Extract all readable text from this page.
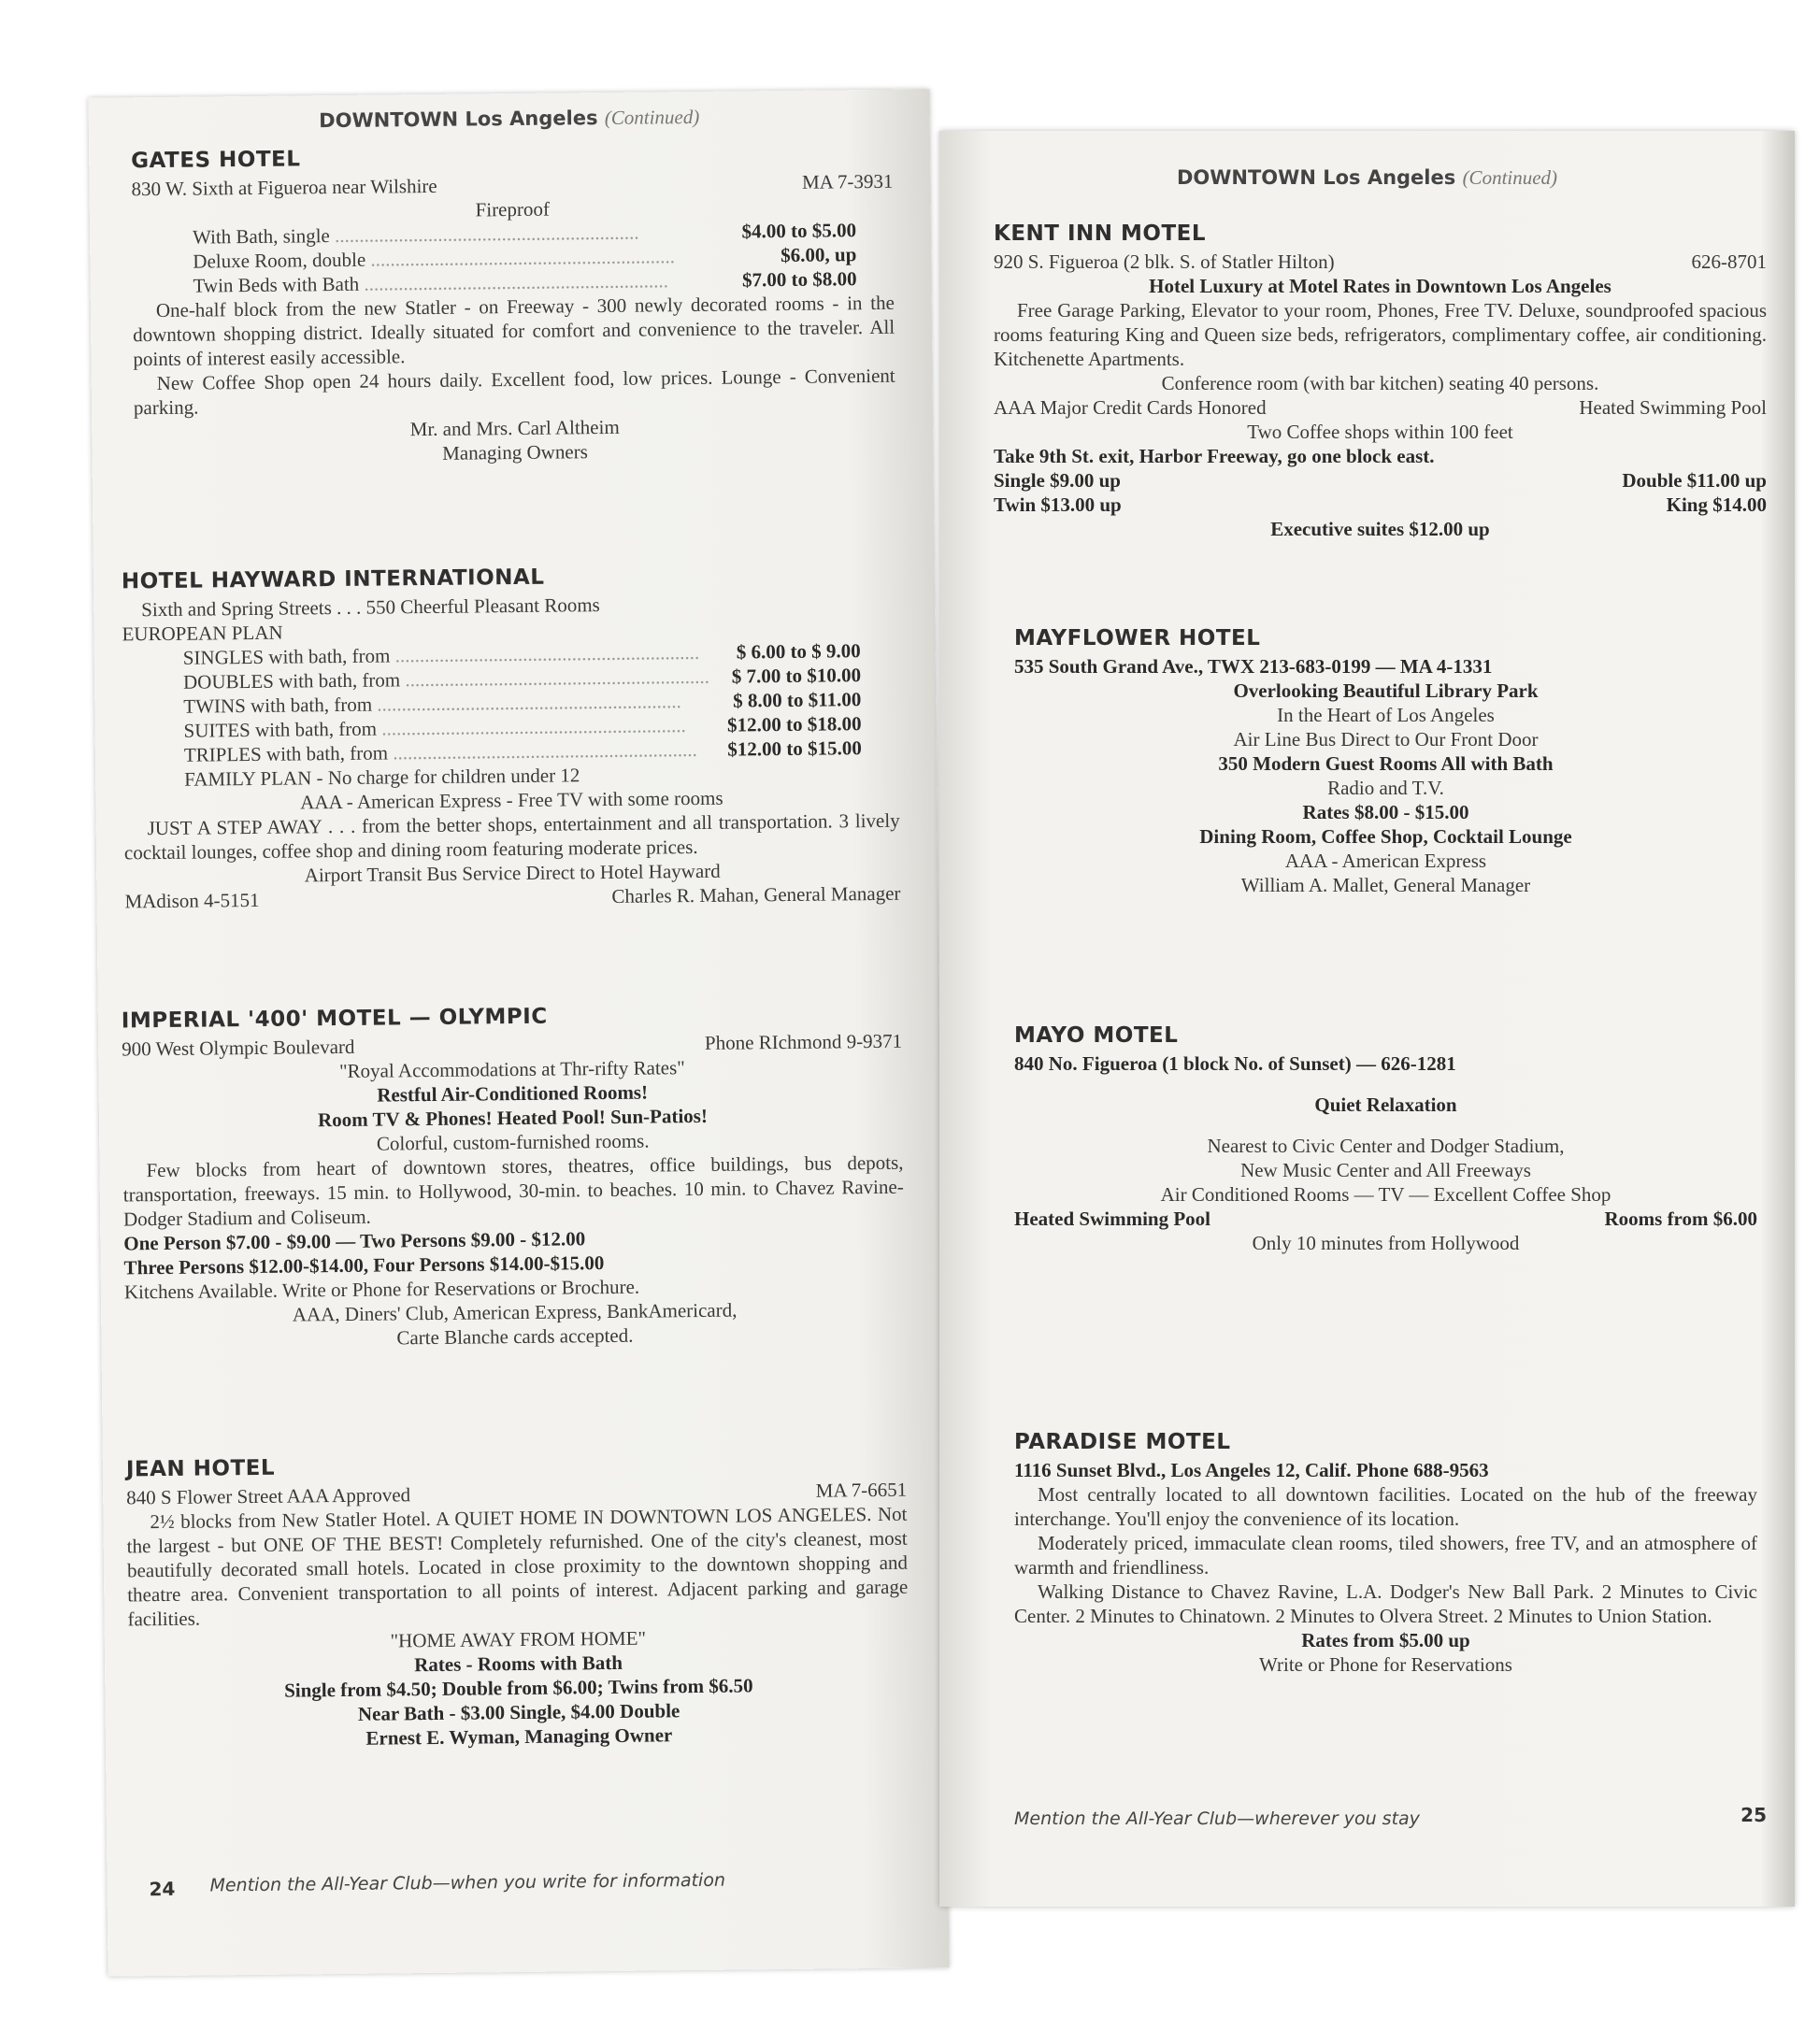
DOWNTOWN Los Angeles (Continued)
GATES HOTEL
830 W. Sixth at Figueroa near Wilshire	MA 7-3931
Fireproof
With Bath, single .....	$4.00 to $5.00
Deluxe Room, double .....	$6.00, up
Twin Beds with Bath .....	$7.00 to $8.00
One-half block from the new Statler - on Freeway - 300 newly decorated rooms - in the downtown shopping district. Ideally situated for comfort and convenience to the traveler. All points of interest easily accessible.
New Coffee Shop open 24 hours daily. Excellent food, low prices. Lounge - Convenient parking.
Mr. and Mrs. Carl Altheim
Managing Owners
HOTEL HAYWARD INTERNATIONAL
Sixth and Spring Streets . . . 550 Cheerful Pleasant Rooms
EUROPEAN PLAN
SINGLES with bath, from .....	$ 6.00 to $ 9.00
DOUBLES with bath, from .....	$ 7.00 to $10.00
TWINS with bath, from .....	$ 8.00 to $11.00
SUITES with bath, from .....	$12.00 to $18.00
TRIPLES with bath, from .....	$12.00 to $15.00
FAMILY PLAN - No charge for children under 12
AAA - American Express - Free TV with some rooms
JUST A STEP AWAY . . . from the better shops, entertainment and all transportation. 3 lively cocktail lounges, coffee shop and dining room featuring moderate prices.
Airport Transit Bus Service Direct to Hotel Hayward
MAdison 4-5151	Charles R. Mahan, General Manager
IMPERIAL '400' MOTEL — OLYMPIC
900 West Olympic Boulevard	Phone RIchmond 9-9371
"Royal Accommodations at Thr-rifty Rates"
Restful Air-Conditioned Rooms!
Room TV & Phones! Heated Pool! Sun-Patios!
Colorful, custom-furnished rooms.
Few blocks from heart of downtown stores, theatres, office buildings, bus depots, transportation, freeways. 15 min. to Hollywood, 30-min. to beaches. 10 min. to Chavez Ravine-Dodger Stadium and Coliseum.
One Person $7.00 - $9.00 — Two Persons $9.00 - $12.00
Three Persons $12.00-$14.00, Four Persons $14.00-$15.00
Kitchens Available. Write or Phone for Reservations or Brochure.
AAA, Diners' Club, American Express, BankAmericard,
Carte Blanche cards accepted.
JEAN HOTEL
840 S Flower Street AAA Approved	MA 7-6651
2½ blocks from New Statler Hotel. A QUIET HOME IN DOWNTOWN LOS ANGELES. Not the largest - but ONE OF THE BEST! Completely refurnished. One of the city's cleanest, most beautifully decorated small hotels. Located in close proximity to the downtown shopping and theatre area. Convenient transportation to all points of interest. Adjacent parking and garage facilities.
"HOME AWAY FROM HOME"
Rates - Rooms with Bath
Single from $4.50; Double from $6.00; Twins from $6.50
Near Bath - $3.00 Single, $4.00 Double
Ernest E. Wyman, Managing Owner
24 Mention the All-Year Club—when you write for information
DOWNTOWN Los Angeles (Continued)
KENT INN MOTEL
920 S. Figueroa (2 blk. S. of Statler Hilton)	626-8701
Hotel Luxury at Motel Rates in Downtown Los Angeles
Free Garage Parking, Elevator to your room, Phones, Free TV. Deluxe, soundproofed spacious rooms featuring King and Queen size beds, refrigerators, complimentary coffee, air conditioning. Kitchenette Apartments.
Conference room (with bar kitchen) seating 40 persons.
AAA Major Credit Cards Honored	Heated Swimming Pool
Two Coffee shops within 100 feet
Take 9th St. exit, Harbor Freeway, go one block east.
Single $9.00 up	Double $11.00 up
Twin $13.00 up	King $14.00
Executive suites $12.00 up
MAYFLOWER HOTEL
535 South Grand Ave., TWX 213-683-0199 — MA 4-1331
Overlooking Beautiful Library Park
In the Heart of Los Angeles
Air Line Bus Direct to Our Front Door
350 Modern Guest Rooms All with Bath
Radio and T.V.
Rates $8.00 - $15.00
Dining Room, Coffee Shop, Cocktail Lounge
AAA - American Express
William A. Mallet, General Manager
MAYO MOTEL
840 No. Figueroa (1 block No. of Sunset) — 626-1281
Quiet Relaxation
Nearest to Civic Center and Dodger Stadium,
New Music Center and All Freeways
Air Conditioned Rooms — TV — Excellent Coffee Shop
Heated Swimming Pool	Rooms from $6.00
Only 10 minutes from Hollywood
PARADISE MOTEL
1116 Sunset Blvd., Los Angeles 12, Calif. Phone 688-9563
Most centrally located to all downtown facilities. Located on the hub of the freeway interchange. You'll enjoy the convenience of its location.
Moderately priced, immaculate clean rooms, tiled showers, free TV, and an atmosphere of warmth and friendliness.
Walking Distance to Chavez Ravine, L.A. Dodger's New Ball Park. 2 Minutes to Civic Center. 2 Minutes to Chinatown. 2 Minutes to Olvera Street. 2 Minutes to Union Station.
Rates from $5.00 up
Write or Phone for Reservations
Mention the All-Year Club—wherever you stay	25
